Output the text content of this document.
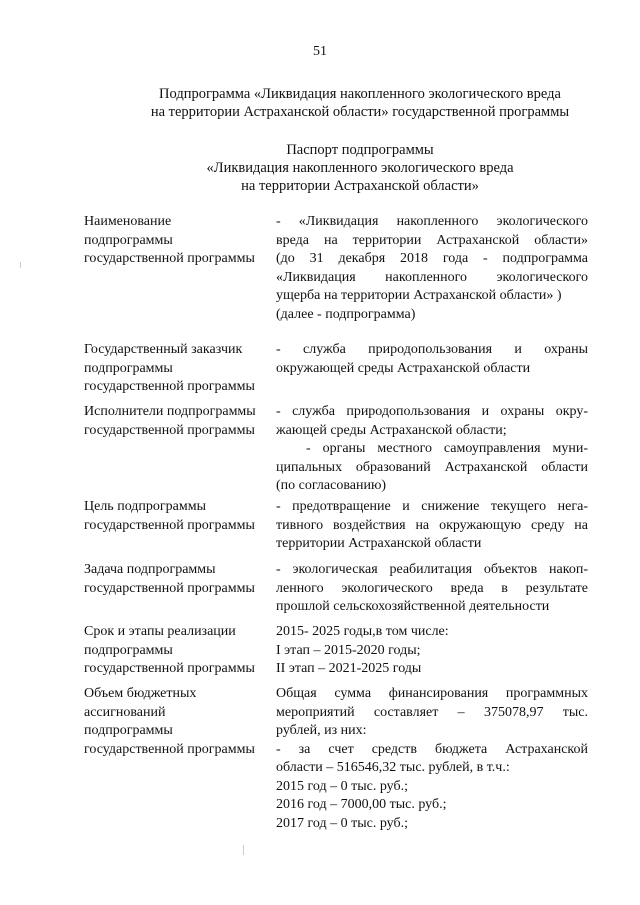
51
Подпрограмма «Ликвидация накопленного экологического вреда
на территории Астраханской области» государственной программы
Паспорт подпрограммы
«Ликвидация накопленного экологического вреда
на территории Астраханской области»
Наименование
подпрограммы
государственной программы
- «Ликвидация накопленного экологического
вреда на территории Астраханской области»
(до 31 декабря 2018 года - подпрограмма
«Ликвидация накопленного экологического
ущерба на территории Астраханской области» )
(далее - подпрограмма)
Государственный заказчик
подпрограммы
государственной программы
- служба природопользования и охраны
окружающей среды Астраханской области
Исполнители подпрограммы
государственной программы
- служба природопользования и охраны окру-
жающей среды Астраханской области;
- органы местного самоуправления муни-
ципальных образований Астраханской области
(по согласованию)
Цель подпрограммы
государственной программы
- предотвращение и снижение текущего нега-
тивного воздействия на окружающую среду на
территории Астраханской области
Задача подпрограммы
государственной программы
- экологическая реабилитация объектов накоп-
ленного экологического вреда в результате
прошлой сельскохозяйственной деятельности
Срок и этапы реализации
подпрограммы
государственной программы
2015- 2025 годы,в том числе:
I этап – 2015-2020 годы;
II этап – 2021-2025 годы
Объем бюджетных
ассигнований
подпрограммы
государственной программы
Общая сумма финансирования программных
мероприятий составляет – 375078,97 тыс.
рублей, из них:
- за счет средств бюджета Астраханской
области – 516546,32 тыс. рублей, в т.ч.:
2015 год – 0 тыс. руб.;
2016 год – 7000,00 тыс. руб.;
2017 год – 0 тыс. руб.;
